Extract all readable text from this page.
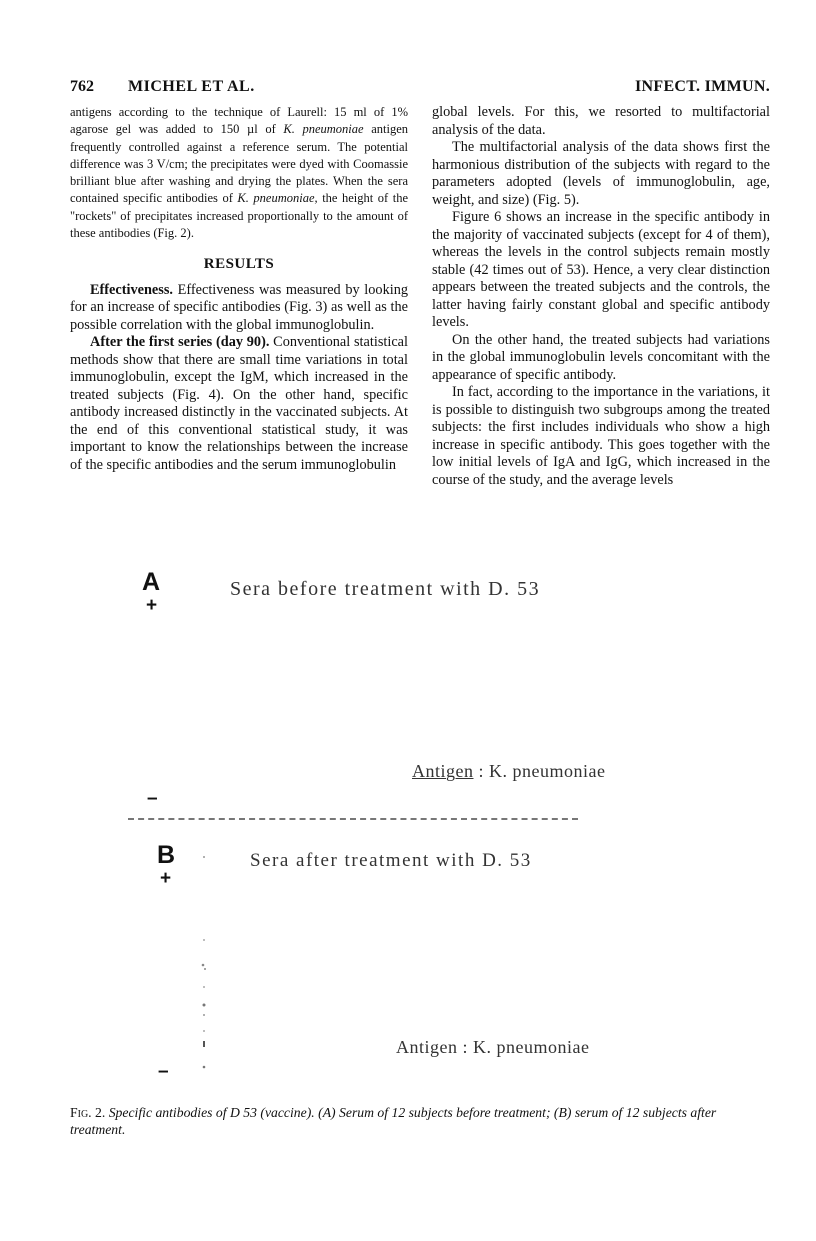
762 MICHEL ET AL.	INFECT. IMMUN.

antigens according to the technique of Laurell: 15 ml of 1% agarose gel was added to 150 µl of K. pneumoniae antigen frequently controlled against a reference serum. The potential difference was 3 V/cm; the precipitates were dyed with Coomassie brilliant blue after washing and drying the plates. When the sera contained specific antibodies of K. pneumoniae, the height of the "rockets" of precipitates increased proportionally to the amount of these antibodies (Fig. 2).

RESULTS

Effectiveness. Effectiveness was measured by looking for an increase of specific antibodies (Fig. 3) as well as the possible correlation with the global immunoglobulin.

After the first series (day 90). Conventional statistical methods show that there are small time variations in total immunoglobulin, except the IgM, which increased in the treated subjects (Fig. 4). On the other hand, specific antibody increased distinctly in the vaccinated subjects. At the end of this conventional statistical study, it was important to know the relationships between the increase of the specific antibodies and the serum immunoglobulin

global levels. For this, we resorted to multifactorial analysis of the data.

The multifactorial analysis of the data shows first the harmonious distribution of the subjects with regard to the parameters adopted (levels of immunoglobulin, age, weight, and size) (Fig. 5).

Figure 6 shows an increase in the specific antibody in the majority of vaccinated subjects (except for 4 of them), whereas the levels in the control subjects remain mostly stable (42 times out of 53). Hence, a very clear distinction appears between the treated subjects and the controls, the latter having fairly constant global and specific antibody levels.

On the other hand, the treated subjects had variations in the global immunoglobulin levels concomitant with the appearance of specific antibody.

In fact, according to the importance in the variations, it is possible to distinguish two subgroups among the treated subjects: the first includes individuals who show a high increase in specific antibody. This goes together with the low initial levels of IgA and IgG, which increased in the course of the study, and the average levels

A
+
Sera before treatment with D. 53
Antigen : K. pneumoniae
–
B
+
Sera after treatment with D. 53
Antigen : K. pneumoniae
–
Fig. 2. Specific antibodies of D 53 (vaccine). (A) Serum of 12 subjects before treatment; (B) serum of 12 subjects after treatment.
